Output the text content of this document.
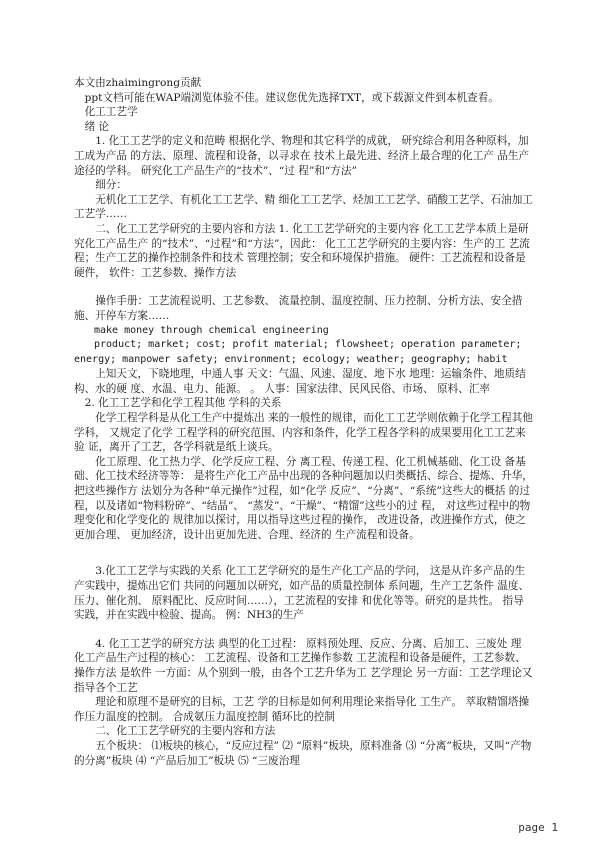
本文由zhaimingrong贡献
ppt文档可能在WAP端浏览体验不佳。建议您优先选择TXT，或下载源文件到本机查看。
化工工艺学
绪 论
1. 化工工艺学的定义和范畴 根据化学、物理和其它科学的成就， 研究综合利用各种原料，加工成为产品 的方法、原理、流程和设备，以寻求在 技术上最先进、经济上最合理的化工产 品生产途径的学科。 研究化工产品生产的“技术”、“过 程”和“方法”
细分：
无机化工工艺学、有机化工工艺学、精 细化工工艺学、烃加工工艺学、硝酸工艺学、石油加工工艺学……
二、化工工艺学研究的主要内容和方法 1. 化工工艺学研究的主要内容 化工工艺学本质上是研究化工产品生产 的“技术”、“过程”和“方法”，因此： 化工工艺学研究的主要内容：生产的工 艺流程；生产工艺的操作控制条件和技术 管理控制；安全和环境保护措施。 硬件：工艺流程和设备是硬件， 软件：工艺参数、操作方法
操作手册：工艺流程说明、工艺参数、 流量控制、温度控制、压力控制、分析方法、安全措施、开停车方案……
make money through chemical engineering
product; market; cost; profit material; flowsheet; operation parameter; energy; manpower safety; environment; ecology; weather; geography; habit
上知天文，下晓地理，中通人事 天文：气温、风速、湿度、地下水 地理：运输条件、地质结构、水的硬 度、水温、电力、能源。 。 人事：国家法律、民风民俗、市场、 原料、汇率
2. 化工工艺学和化学工程其他 学科的关系
化学工程学科是从化工生产中提炼出 来的一般性的规律，而化工工艺学则依赖于化学工程其他学科， 又规定了化学 工程学科的研究范围、内容和条件，化学工程各学科的成果要用化工工艺来验 证，离开了工艺，各学科就是纸上谈兵。
化工原理、化工热力学、化学反应工程、分 离工程、传递工程、化工机械基础、化工设 备基础、化工技术经济等等： 是将生产化工产品中出现的各种问题加以归类概括、综合、提炼、升华，把这些操作方 法划分为各种“单元操作”过程，如“化学 反应”、“分离”、“系统”这些大的概括 的过程，以及诸如“物料粉碎”、“结晶”、 “蒸发”、“干燥”、“精馏”这些小的过 程， 对这些过程中的物理变化和化学变化的 规律加以探讨，用以指导这些过程的操作， 改进设备，改进操作方式，使之更加合理、 更加经济，设计出更加先进、合理、经济的 生产流程和设备。
3.化工工艺学与实践的关系 化工工艺学研究的是生产化工产品的学问， 这是从许多产品的生产实践中，提炼出它们 共同的问题加以研究，如产品的质量控制体 系问题，生产工艺条件 温度、压力、催化剂、 原料配比、反应时间……），工艺流程的安排 和优化等等。研究的是共性。 指导实践，并在实践中检验、提高。 例：NH3的生产
4. 化工工艺学的研究方法 典型的化工过程： 原料预处理、反应、分离、后加工、三废处 理 化工产品生产过程的核心： 工艺流程、设备和工艺操作参数 工艺流程和设备是硬件，工艺参数、操作方法 是软件 一方面：从个别到一般，由各个工艺升华为工 艺学理论 另一方面：工艺学理论又指导各个工艺
理论和原理不是研究的目标，工艺 学的目标是如何利用理论来指导化 工生产。 萃取精馏塔操作压力温度的控制。 合成氨压力温度控制 循环比的控制
二、化工工艺学研究的主要内容和方法
五个板块： ⑴板块的核心，“反应过程” ⑵ “原料”板块，原料准备 ⑶ “分离”板块，又叫“产物的分离”板块 ⑷ “产品后加工”板块 ⑸ “三废治理
page 1
